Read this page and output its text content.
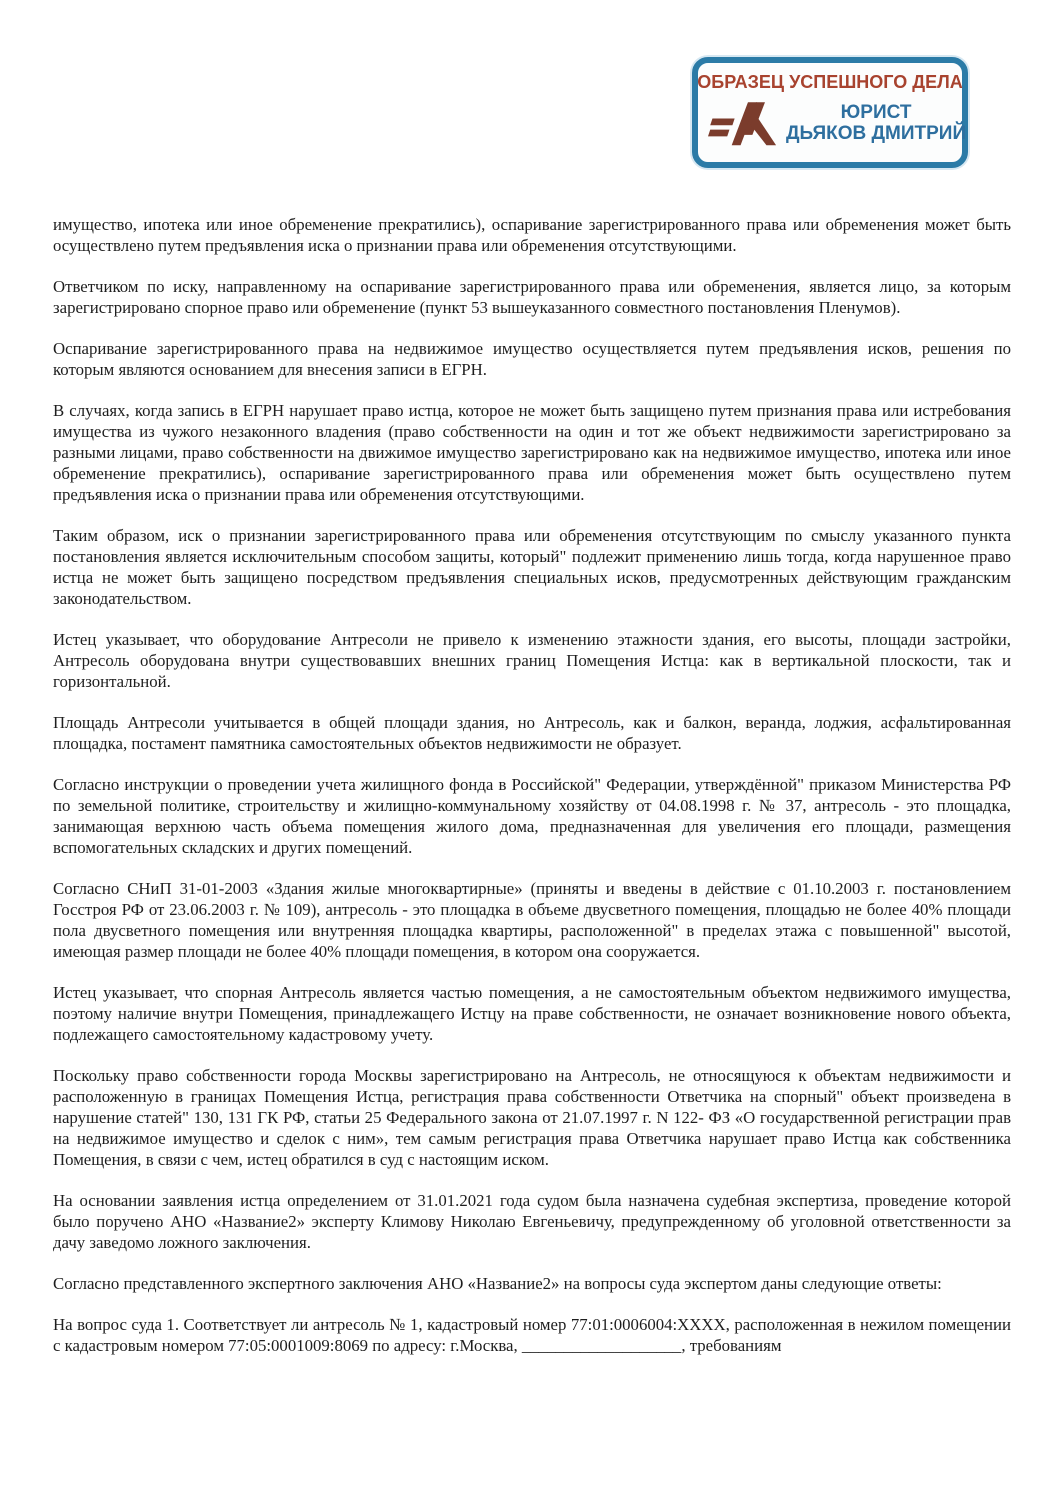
ОБРАЗЕЦ УСПЕШНОГО ДЕЛА
ЮРИСТ
ДЬЯКОВ ДМИТРИЙ

имущество, ипотека или иное обременение прекратились), оспаривание зарегистрированного права или обременения может быть осуществлено путем предъявления иска о признании права или обременения отсутствующими.

Ответчиком по иску, направленному на оспаривание зарегистрированного права или обременения, является лицо, за которым зарегистрировано спорное право или обременение (пункт 53 вышеуказанного совместного постановления Пленумов).

Оспаривание зарегистрированного права на недвижимое имущество осуществляется путем предъявления исков, решения по которым являются основанием для внесения записи в ЕГРН.

В случаях, когда запись в ЕГРН нарушает право истца, которое не может быть защищено путем признания права или истребования имущества из чужого незаконного владения (право собственности на один и тот же объект недвижимости зарегистрировано за разными лицами, право собственности на движимое имущество зарегистрировано как на недвижимое имущество, ипотека или иное обременение прекратились), оспаривание зарегистрированного права или обременения может быть осуществлено путем предъявления иска о признании права или обременения отсутствующими.

Таким образом, иск о признании зарегистрированного права или обременения отсутствующим по смыслу указанного пункта постановления является исключительным способом защиты, который" подлежит применению лишь тогда, когда нарушенное право истца не может быть защищено посредством предъявления специальных исков, предусмотренных действующим гражданским законодательством.

Истец указывает, что оборудование Антресоли не привело к изменению этажности здания, его высоты, площади застройки, Антресоль оборудована внутри существовавших внешних границ Помещения Истца: как в вертикальной плоскости, так и горизонтальной.

Площадь Антресоли учитывается в общей площади здания, но Антресоль, как и балкон, веранда, лоджия, асфальтированная площадка, постамент памятника самостоятельных объектов недвижимости не образует.

Согласно инструкции о проведении учета жилищного фонда в Российской" Федерации, утверждённой" приказом Министерства РФ по земельной политике, строительству и жилищно-коммунальному хозяйству от 04.08.1998 г. № 37, антресоль - это площадка, занимающая верхнюю часть объема помещения жилого дома, предназначенная для увеличения его площади, размещения вспомогательных складских и других помещений.

Согласно СНиП 31-01-2003 «Здания жилые многоквартирные» (приняты и введены в действие с 01.10.2003 г. постановлением Госстроя РФ от 23.06.2003 г. № 109), антресоль - это площадка в объеме двусветного помещения, площадью не более 40% площади пола двусветного помещения или внутренняя площадка квартиры, расположенной" в пределах этажа с повышенной" высотой, имеющая размер площади не более 40% площади помещения, в котором она сооружается.

Истец указывает, что спорная Антресоль является частью помещения, а не самостоятельным объектом недвижимого имущества, поэтому наличие внутри Помещения, принадлежащего Истцу на праве собственности, не означает возникновение нового объекта, подлежащего самостоятельному кадастровому учету.

Поскольку право собственности города Москвы зарегистрировано на Антресоль, не относящуюся к объектам недвижимости и расположенную в границах Помещения Истца, регистрация права собственности Ответчика на спорный" объект произведена в нарушение статей" 130, 131 ГК РФ, статьи 25 Федерального закона от 21.07.1997 г. N 122- ФЗ «О государственной регистрации прав на недвижимое имущество и сделок с ним», тем самым регистрация права Ответчика нарушает право Истца как собственника Помещения, в связи с чем, истец обратился в суд с настоящим иском.

На основании заявления истца определением от 31.01.2021 года судом была назначена судебная экспертиза, проведение которой было поручено АНО «Название2» эксперту Климову Николаю Евгеньевичу, предупрежденному об уголовной ответственности за дачу заведомо ложного заключения.

Согласно представленного экспертного заключения АНО «Название2» на вопросы суда экспертом даны следующие ответы:

На вопрос суда 1. Соответствует ли антресоль № 1, кадастровый номер 77:01:0006004:XXXX, расположенная в нежилом помещении с кадастровым номером 77:05:0001009:8069 по адресу: г.Москва, ___________________, требованиям
